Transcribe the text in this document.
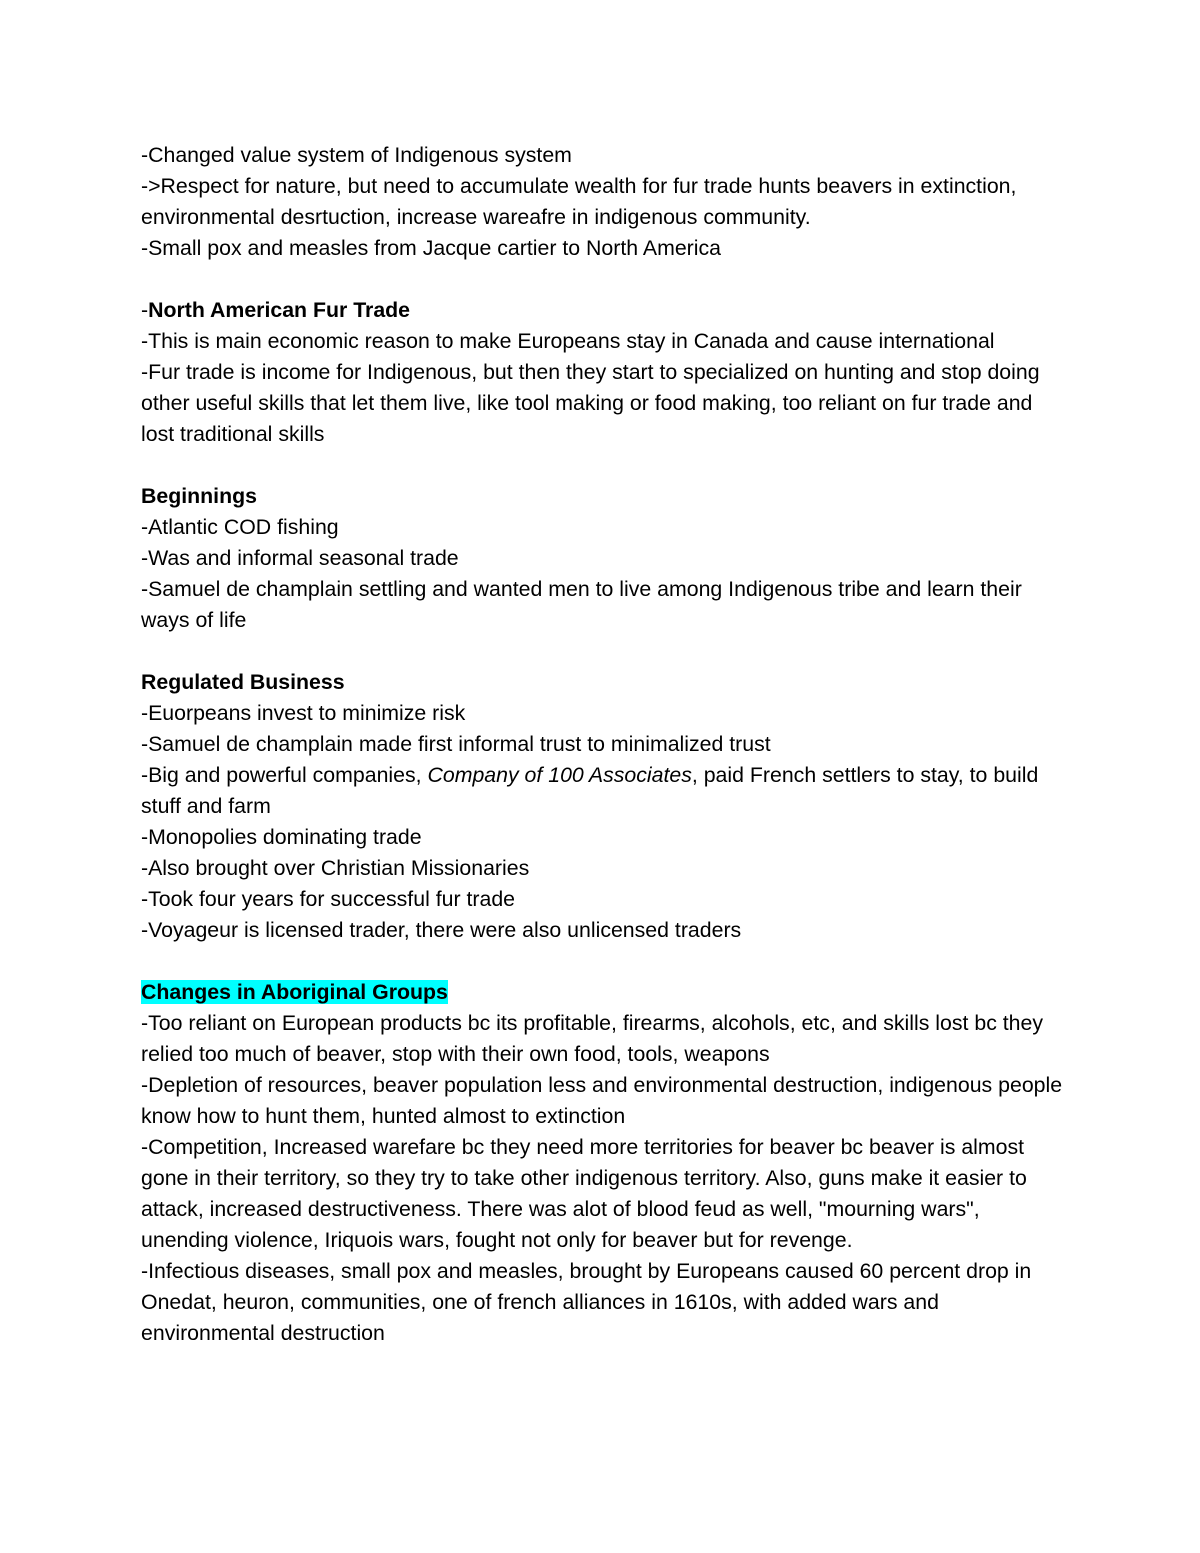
-Changed value system of Indigenous system

->Respect for nature, but need to accumulate wealth for fur trade hunts beavers in extinction, environmental desrtuction, increase wareafre in indigenous community.

-Small pox and measles from Jacque cartier to North America

-North American Fur Trade

-This is main economic reason to make Europeans stay in Canada and cause international

-Fur trade is income for Indigenous, but then they start to specialized on hunting and stop doing other useful skills that let them live, like tool making or food making, too reliant on fur trade and lost traditional skills

Beginnings

-Atlantic COD fishing

-Was and informal seasonal trade

-Samuel de champlain settling and wanted men to live among Indigenous tribe and learn their ways of life

Regulated Business

-Euorpeans invest to minimize risk

-Samuel de champlain made first informal trust to minimalized trust

-Big and powerful companies, Company of 100 Associates, paid French settlers to stay, to build stuff and farm

-Monopolies dominating trade

-Also brought over Christian Missionaries

-Took four years for successful fur trade

-Voyageur is licensed trader, there were also unlicensed traders

Changes in Aboriginal Groups

-Too reliant on European products bc its profitable, firearms, alcohols, etc, and skills lost bc they relied too much of beaver, stop with their own food, tools, weapons

-Depletion of resources, beaver population less and environmental destruction, indigenous people know how to hunt them, hunted almost to extinction

-Competition, Increased warefare bc they need more territories for beaver bc beaver is almost gone in their territory, so they try to take other indigenous territory. Also, guns make it easier to attack, increased destructiveness. There was alot of blood feud as well, "mourning wars", unending violence, Iriquois wars, fought not only for beaver but for revenge.

-Infectious diseases, small pox and measles, brought by Europeans caused 60 percent drop in Onedat, heuron, communities, one of french alliances in 1610s, with added wars and environmental destruction
